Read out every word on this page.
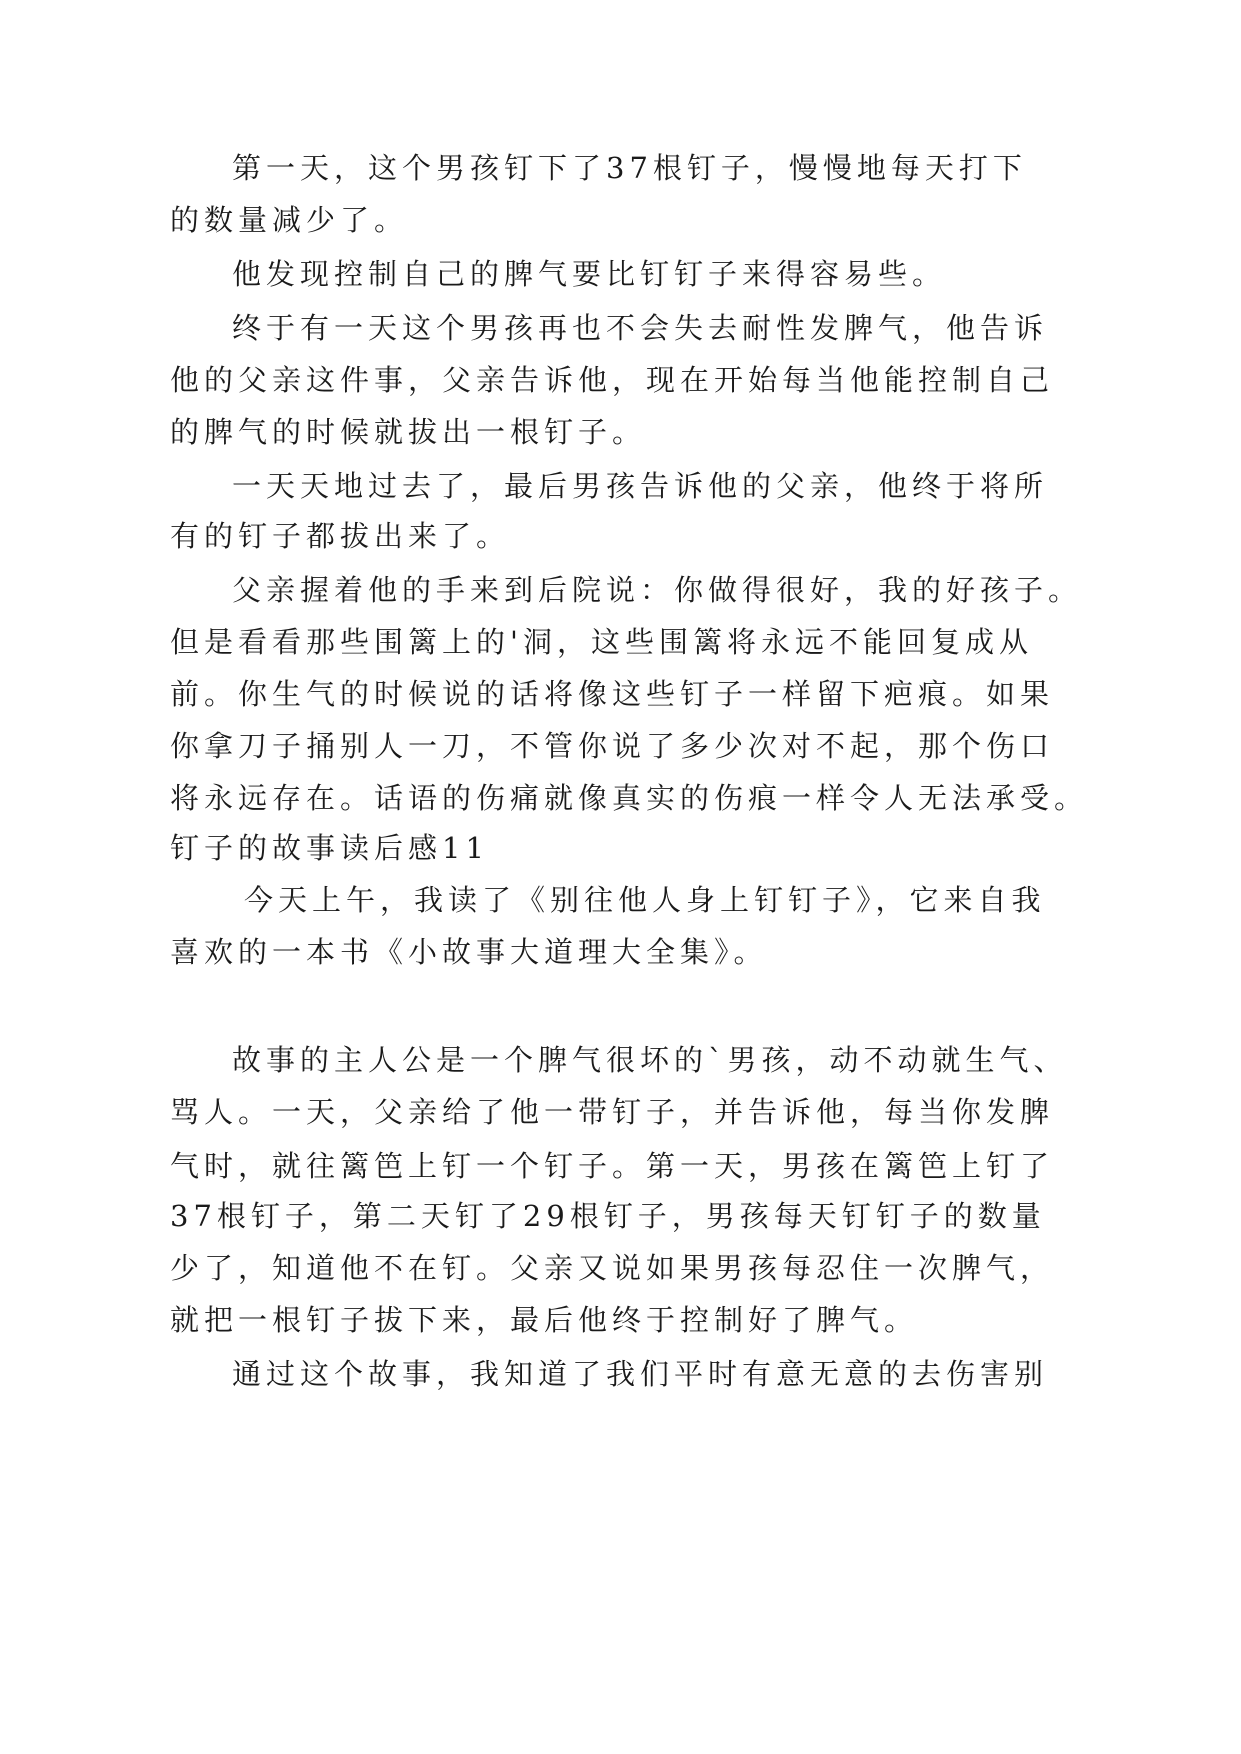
第一天，这个男孩钉下了37根钉子，慢慢地每天打下
的数量减少了。
他发现控制自己的脾气要比钉钉子来得容易些。
终于有一天这个男孩再也不会失去耐性发脾气，他告诉
他的父亲这件事，父亲告诉他，现在开始每当他能控制自己
的脾气的时候就拔出一根钉子。
一天天地过去了，最后男孩告诉他的父亲，他终于将所
有的钉子都拔出来了。
父亲握着他的手来到后院说：你做得很好，我的好孩子。
但是看看那些围篱上的'洞，这些围篱将永远不能回复成从
前。你生气的时候说的话将像这些钉子一样留下疤痕。如果
你拿刀子捅别人一刀，不管你说了多少次对不起，那个伤口
将永远存在。话语的伤痛就像真实的伤痕一样令人无法承受。
钉子的故事读后感11
今天上午，我读了《别往他人身上钉钉子》，它来自我
喜欢的一本书《小故事大道理大全集》。
故事的主人公是一个脾气很坏的`男孩，动不动就生气、
骂人。一天，父亲给了他一带钉子，并告诉他，每当你发脾
气时，就往篱笆上钉一个钉子。第一天，男孩在篱笆上钉了
37根钉子，第二天钉了29根钉子，男孩每天钉钉子的数量
少了，知道他不在钉。父亲又说如果男孩每忍住一次脾气，
就把一根钉子拔下来，最后他终于控制好了脾气。
通过这个故事，我知道了我们平时有意无意的去伤害别
